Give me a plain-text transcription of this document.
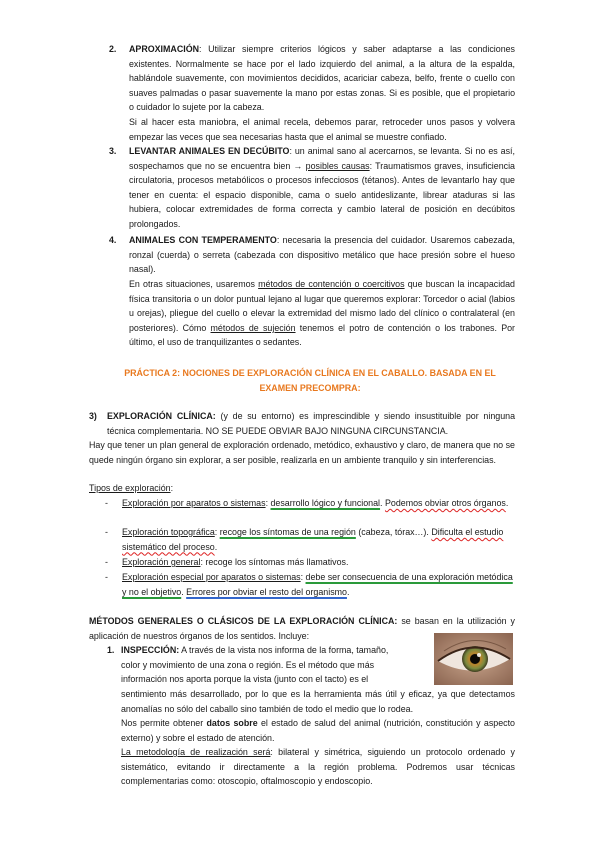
2. APROXIMACIÓN: Utilizar siempre criterios lógicos y saber adaptarse a las condiciones existentes. Normalmente se hace por el lado izquierdo del animal, a la altura de la espalda, hablándole suavemente, con movimientos decididos, acariciar cabeza, belfo, frente o cuello con suaves palmadas o pasar suavemente la mano por estas zonas. Si es posible, que el propietario o cuidador lo sujete por la cabeza.
Si al hacer esta maniobra, el animal recela, debemos parar, retroceder unos pasos y volvera empezar las veces que sea necesarias hasta que el animal se muestre confiado.
3. LEVANTAR ANIMALES EN DECÚBITO: un animal sano al acercarnos, se levanta. Si no es así, sospechamos que no se encuentra bien → posibles causas: Traumatismos graves, insuficiencia circulatoria, procesos metabólicos o procesos infecciosos (tétanos). Antes de levantarlo hay que tener en cuenta: el espacio disponible, cama o suelo antideslizante, librear ataduras si las hubiera, colocar extremidades de forma correcta y cambio lateral de posición en decúbitos prolongados.
4. ANIMALES CON TEMPERAMENTO: necesaria la presencia del cuidador. Usaremos cabezada, ronzal (cuerda) o serreta (cabezada con dispositivo metálico que hace presión sobre el hueso nasal).
En otras situaciones, usaremos métodos de contención o coercitivos que buscan la incapacidad física transitoria o un dolor puntual lejano al lugar que queremos explorar: Torcedor o acial (labios u orejas), pliegue del cuello o elevar la extremidad del mismo lado del clínico o contralateral (en posteriores). Cómo métodos de sujeción tenemos el potro de contención o los trabones. Por último, el uso de tranquilizantes o sedantes.
PRÁCTICA 2: NOCIONES DE EXPLORACIÓN CLÍNICA EN EL CABALLO. BASADA EN EL EXAMEN PRECOMPRA:
3) EXPLORACIÓN CLÍNICA: (y de su entorno) es imprescindible y siendo insustituible por ninguna técnica complementaria. NO SE PUEDE OBVIAR BAJO NINGUNA CIRCUNSTANCIA.
Hay que tener un plan general de exploración ordenado, metódico, exhaustivo y claro, de manera que no se quede ningún órgano sin explorar, a ser posible, realizarla en un ambiente tranquilo y sin interferencias.
Tipos de exploración:
- Exploración por aparatos o sistemas: desarrollo lógico y funcional. Podemos obviar otros órganos.
- Exploración topográfica: recoge los síntomas de una región (cabeza, tórax…). Dificulta el estudio sistemático del proceso.
- Exploración general: recoge los síntomas más llamativos.
- Exploración especial por aparatos o sistemas: debe ser consecuencia de una exploración metódica y no el objetivo. Errores por obviar el resto del organismo.
MÉTODOS GENERALES O CLÁSICOS DE LA EXPLORACIÓN CLÍNICA: se basan en la utilización y aplicación de nuestros órganos de los sentidos. Incluye:
1. INSPECCIÓN: A través de la vista nos informa de la forma, tamaño,
color y movimiento de una zona o región. Es el método que más
información nos aporta porque la vista (junto con el tacto) es el
sentimiento más desarrollado, por lo que es la herramienta más útil y eficaz, ya que detectamos anomalías no sólo del caballo sino también de todo el medio que lo rodea.
Nos permite obtener datos sobre el estado de salud del animal (nutrición, constitución y aspecto externo) y sobre el estado de atención.
La metodología de realización será: bilateral y simétrica, siguiendo un protocolo ordenado y sistemático, evitando ir directamente a la región problema. Podremos usar técnicas complementarias como: otoscopio, oftalmoscopio y endoscopio.
